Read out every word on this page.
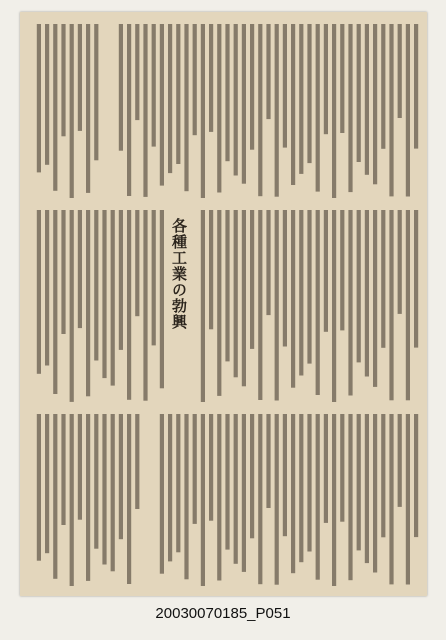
各種工業の勃興
20030070185_P051
